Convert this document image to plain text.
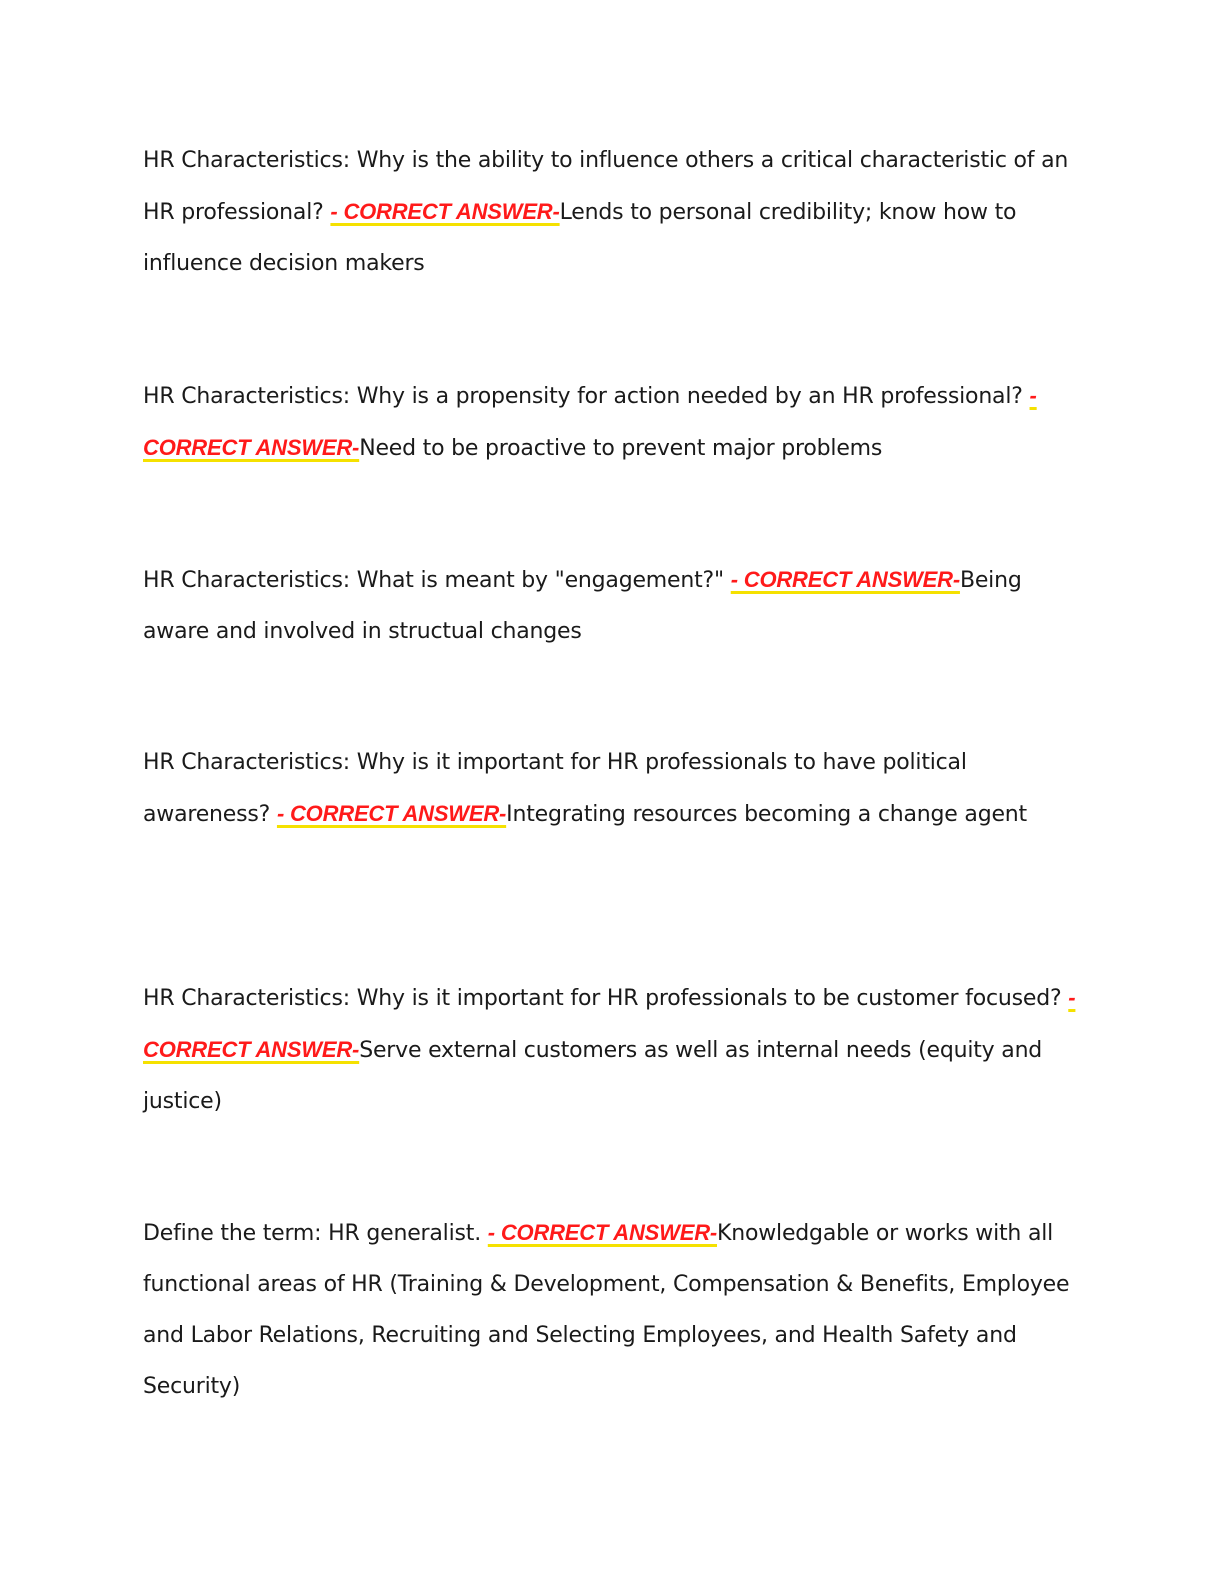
HR Characteristics: Why is the ability to influence others a critical characteristic of an HR professional? - CORRECT ANSWER-Lends to personal credibility; know how to influence decision makers

HR Characteristics: Why is a propensity for action needed by an HR professional? - CORRECT ANSWER-Need to be proactive to prevent major problems

HR Characteristics: What is meant by "engagement?" - CORRECT ANSWER-Being aware and involved in structual changes

HR Characteristics: Why is it important for HR professionals to have political awareness? - CORRECT ANSWER-Integrating resources becoming a change agent

HR Characteristics: Why is it important for HR professionals to be customer focused? - CORRECT ANSWER-Serve external customers as well as internal needs (equity and justice)

Define the term: HR generalist. - CORRECT ANSWER-Knowledgable or works with all functional areas of HR (Training & Development, Compensation & Benefits, Employee and Labor Relations, Recruiting and Selecting Employees, and Health Safety and Security)
